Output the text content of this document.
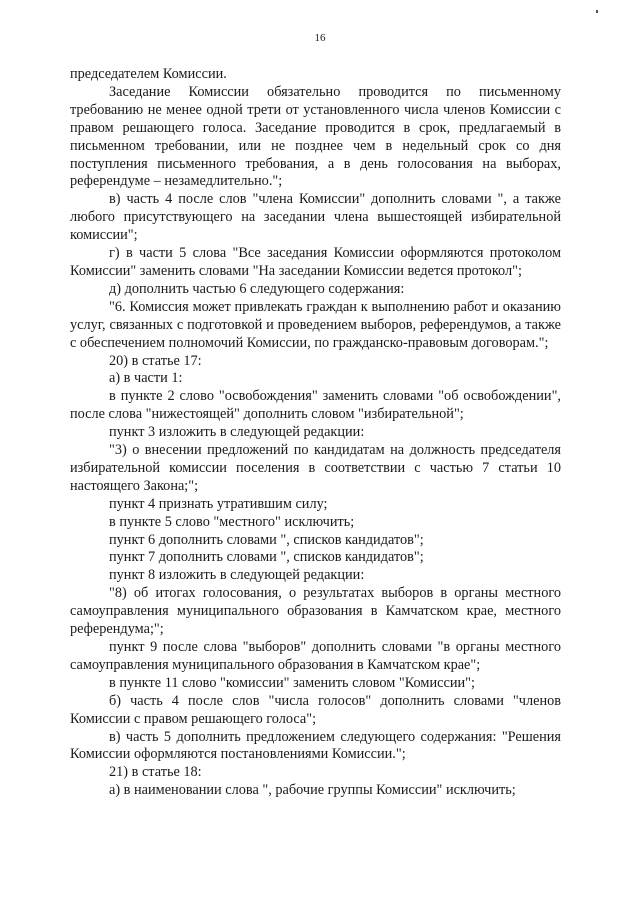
16

председателем Комиссии.

Заседание Комиссии обязательно проводится по письменному требованию не менее одной трети от установленного числа членов Комиссии с правом решающего голоса. Заседание проводится в срок, предлагаемый в письменном требовании, или не позднее чем в недельный срок со дня поступления письменного требования, а в день голосования на выборах, референдуме – незамедлительно.";

в) часть 4 после слов "члена Комиссии" дополнить словами ", а также любого присутствующего на заседании члена вышестоящей избирательной комиссии";

г) в части 5 слова "Все заседания Комиссии оформляются протоколом Комиссии" заменить словами "На заседании Комиссии ведется протокол";

д) дополнить частью 6 следующего содержания:

"6. Комиссия может привлекать граждан к выполнению работ и оказанию услуг, связанных с подготовкой и проведением выборов, референдумов, а также с обеспечением полномочий Комиссии, по гражданско-правовым договорам.";

20) в статье 17:

а) в части 1:

в пункте 2 слово "освобождения" заменить словами "об освобождении", после слова "нижестоящей" дополнить словом "избирательной";

пункт 3 изложить в следующей редакции:

"3) о внесении предложений по кандидатам на должность председателя избирательной комиссии поселения в соответствии с частью 7 статьи 10 настоящего Закона;";

пункт 4 признать утратившим силу;

в пункте 5 слово "местного" исключить;

пункт 6 дополнить словами ", списков кандидатов";

пункт 7 дополнить словами ", списков кандидатов";

пункт 8 изложить в следующей редакции:

"8) об итогах голосования, о результатах выборов в органы местного самоуправления муниципального образования в Камчатском крае, местного референдума;";

пункт 9 после слова "выборов" дополнить словами "в органы местного самоуправления муниципального образования в Камчатском крае";

в пункте 11 слово "комиссии" заменить словом "Комиссии";

б) часть 4 после слов "числа голосов" дополнить словами "членов Комиссии с правом решающего голоса";

в) часть 5 дополнить предложением следующего содержания: "Решения Комиссии оформляются постановлениями Комиссии.";

21) в статье 18:

а) в наименовании слова ", рабочие группы Комиссии" исключить;
